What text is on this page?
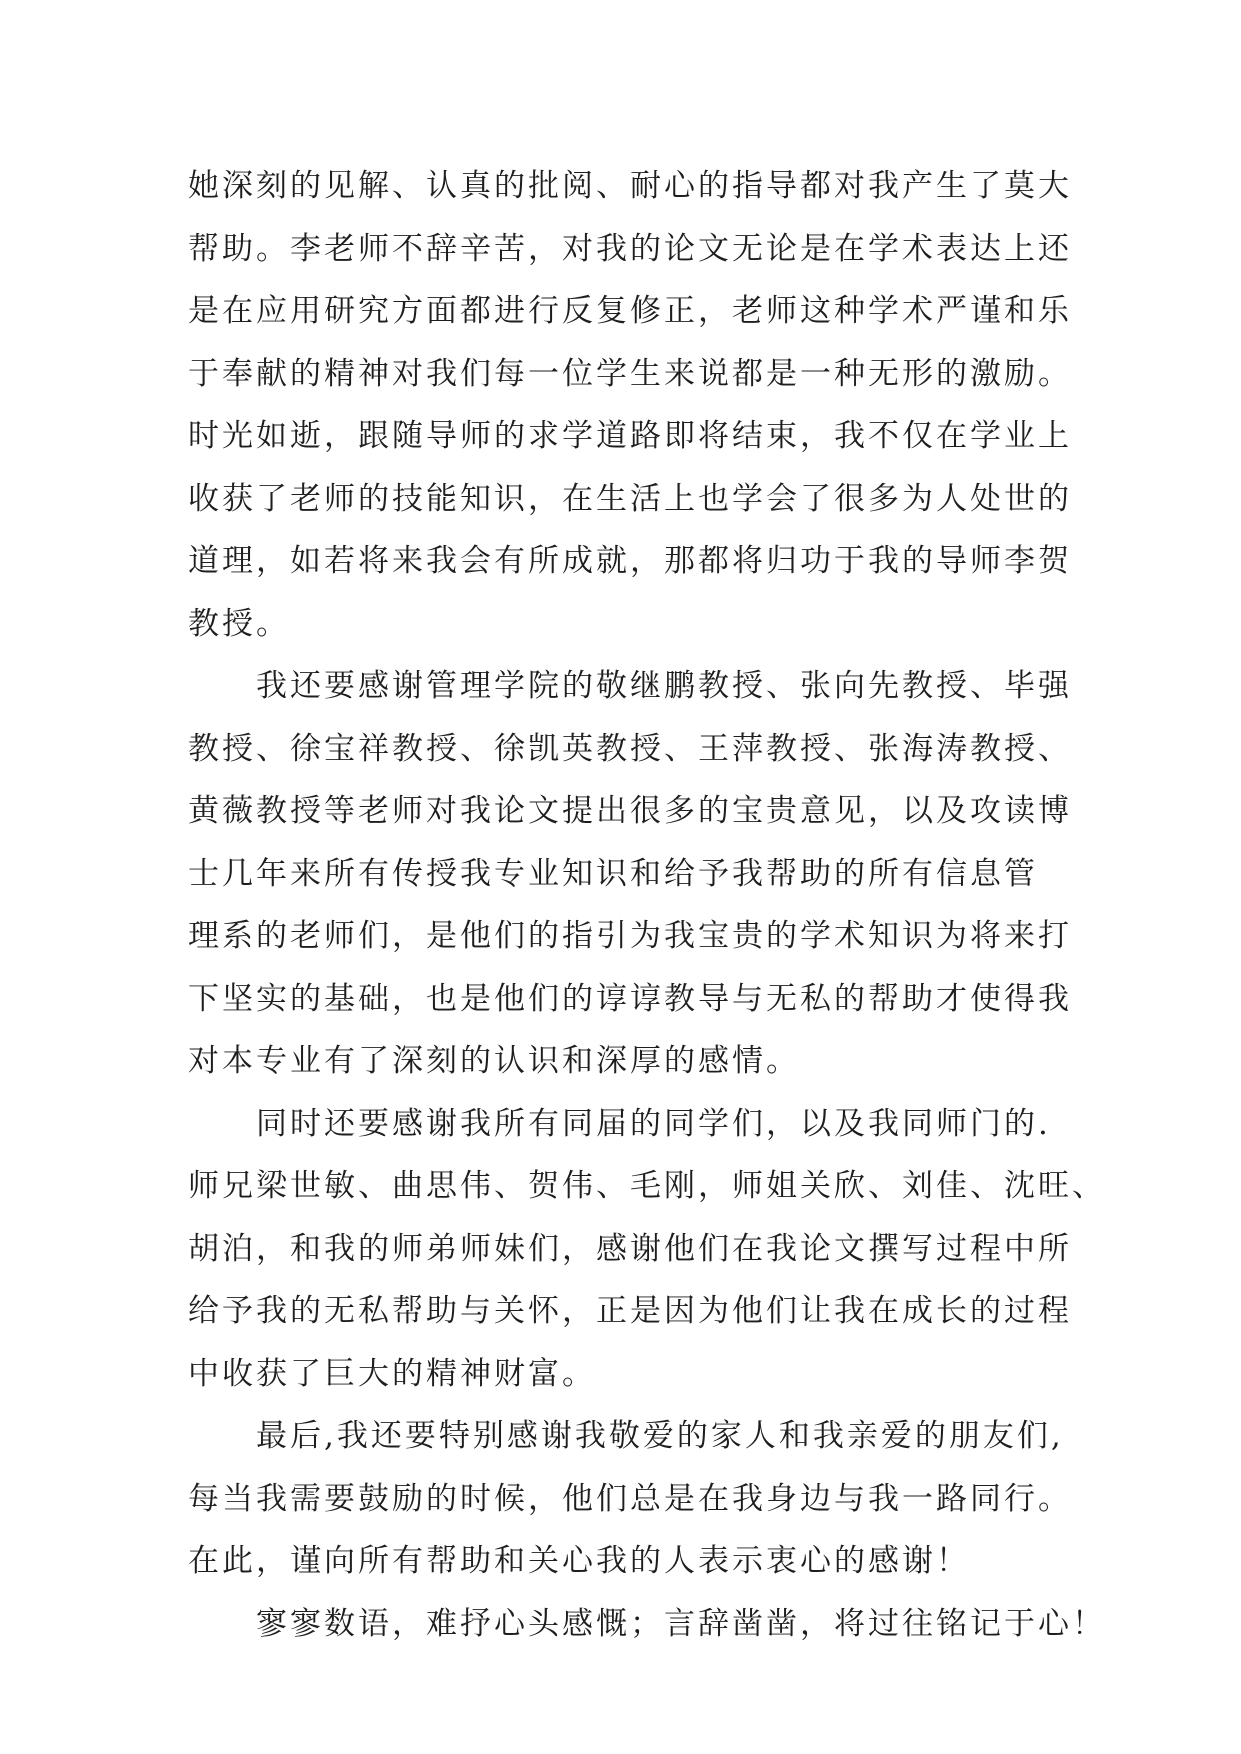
她深刻的见解、认真的批阅、耐心的指导都对我产生了莫大
帮助。李老师不辞辛苦，对我的论文无论是在学术表达上还
是在应用研究方面都进行反复修正，老师这种学术严谨和乐
于奉献的精神对我们每一位学生来说都是一种无形的激励。
时光如逝，跟随导师的求学道路即将结束，我不仅在学业上
收获了老师的技能知识，在生活上也学会了很多为人处世的
道理，如若将来我会有所成就，那都将归功于我的导师李贺
教授。
我还要感谢管理学院的敬继鹏教授、张向先教授、毕强
教授、徐宝祥教授、徐凯英教授、王萍教授、张海涛教授、
黄薇教授等老师对我论文提出很多的宝贵意见，以及攻读博
士几年来所有传授我专业知识和给予我帮助的所有信息管
理系的老师们，是他们的指引为我宝贵的学术知识为将来打
下坚实的基础，也是他们的谆谆教导与无私的帮助才使得我
对本专业有了深刻的认识和深厚的感情。
同时还要感谢我所有同届的同学们，以及我同师门的.
师兄梁世敏、曲思伟、贺伟、毛刚，师姐关欣、刘佳、沈旺、
胡泊，和我的师弟师妹们，感谢他们在我论文撰写过程中所
给予我的无私帮助与关怀，正是因为他们让我在成长的过程
中收获了巨大的精神财富。
最后,我还要特别感谢我敬爱的家人和我亲爱的朋友们,
每当我需要鼓励的时候，他们总是在我身边与我一路同行。
在此，谨向所有帮助和关心我的人表示衷心的感谢！
寥寥数语，难抒心头感慨；言辞凿凿，将过往铭记于心！
